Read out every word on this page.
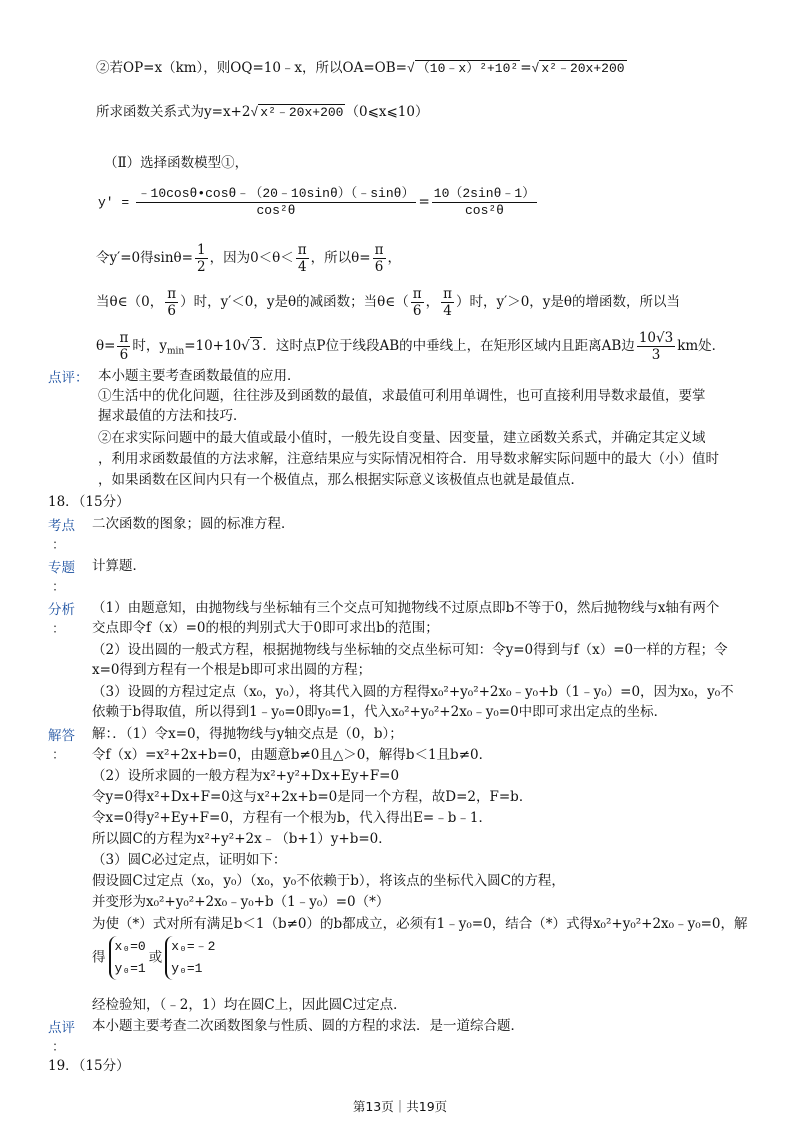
②若OP=x（km），则OQ=10﹣x，所以OA=OB=√ （10﹣x）²+10² =√ x²﹣20x+200
所求函数关系式为y=x+2√ x²﹣20x+200 （0⩽x⩽10）
（Ⅱ）选择函数模型①，
$y' = \frac{﹣10\cos\theta•\cos\theta﹣(20﹣10\sin\theta)(﹣\sin\theta)}{\text{cos²θ}} = \frac{10(2\sin\theta﹣1)}{\text{cos²θ}}$
令y′=0得$\sin\theta= \frac{1}{2}$ ，因为$0<\theta< \frac{\pi}{4}$ ，所以$\theta= \frac{\pi}{6}$ ，
当θ∈（0， $\frac{\pi}{6}$ ）时，y′＜0，y是θ的减函数；当θ∈（ $\frac{\pi}{6}$ ， $\frac{\pi}{4}$ ）时，y′＞0，y是θ的增函数，所以当
$\theta= \frac{\pi}{6}$ 时，$y_{min}=10+10√$ 3 ．这时点P位于线段AB的中垂线上，在矩形区域内且距离AB边 $\frac{10√3}{3}$ km处．
点评： 本小题主要考查函数最值的应用．
①生活中的优化问题，往往涉及到函数的最值，求最值可利用单调性，也可直接利用导数求最值，要掌
握求最值的方法和技巧．
②在求实际问题中的最大值或最小值时，一般先设自变量、因变量，建立函数关系式，并确定其定义域
，利用求函数最值的方法求解，注意结果应与实际情况相符合．用导数求解实际问题中的最大（小）值时
，如果函数在区间内只有一个极值点，那么根据实际意义该极值点也就是最值点．
18．（15分）
考点
：
二次函数的图象；圆的标准方程．
专题
：
计算题．
分析
：
（1）由题意知，由抛物线与坐标轴有三个交点可知抛物线不过原点即b不等于0，然后抛物线与x轴有两个
交点即令f（x）=0的根的判别式大于0即可求出b的范围；
（2）设出圆的一般式方程，根据抛物线与坐标轴的交点坐标可知：令y=0得到与f（x）=0一样的方程；令
x=0得到方程有一个根是b即可求出圆的方程；
（3）设圆的方程过定点（x₀，y₀），将其代入圆的方程得x₀²+y₀²+2x₀﹣y₀+b（1﹣y₀）=0，因为x₀，y₀不
依赖于b得取值，所以得到1﹣y₀=0即y₀=1，代入x₀²+y₀²+2x₀﹣y₀=0中即可求出定点的坐标．
解答
：
解：．（1）令x=0，得抛物线与y轴交点是（0，b）；
令f（x）=x²+2x+b=0，由题意b≠0且△＞0，解得b＜1且b≠0．
（2）设所求圆的一般方程为x²+y²+Dx+Ey+F=0
令y=0得x²+Dx+F=0这与x²+2x+b=0是同一个方程，故D=2，F=b．
令x=0得y²+Ey+F=0，方程有一个根为b，代入得出E=﹣b﹣1．
所以圆C的方程为x²+y²+2x﹣（b+1）y+b=0．
（3）圆C必过定点，证明如下：
假设圆C过定点（x₀，y₀）（x₀，y₀不依赖于b），将该点的坐标代入圆C的方程，
并变形为x₀²+y₀²+2x₀﹣y₀+b（1﹣y₀）=0（*）
为使（*）式对所有满足b＜1（b≠0）的b都成立，必须有1﹣y₀=0，结合（*）式得x₀²+y₀²+2x₀﹣y₀=0，解
得x₀=0
y₀=1或x₀=﹣2
y₀=1
经检验知，（﹣2，1）均在圆C上，因此圆C过定点．
点评
：
本小题主要考查二次函数图象与性质、圆的方程的求法．是一道综合题．
19．（15分）
第13页｜共19页
